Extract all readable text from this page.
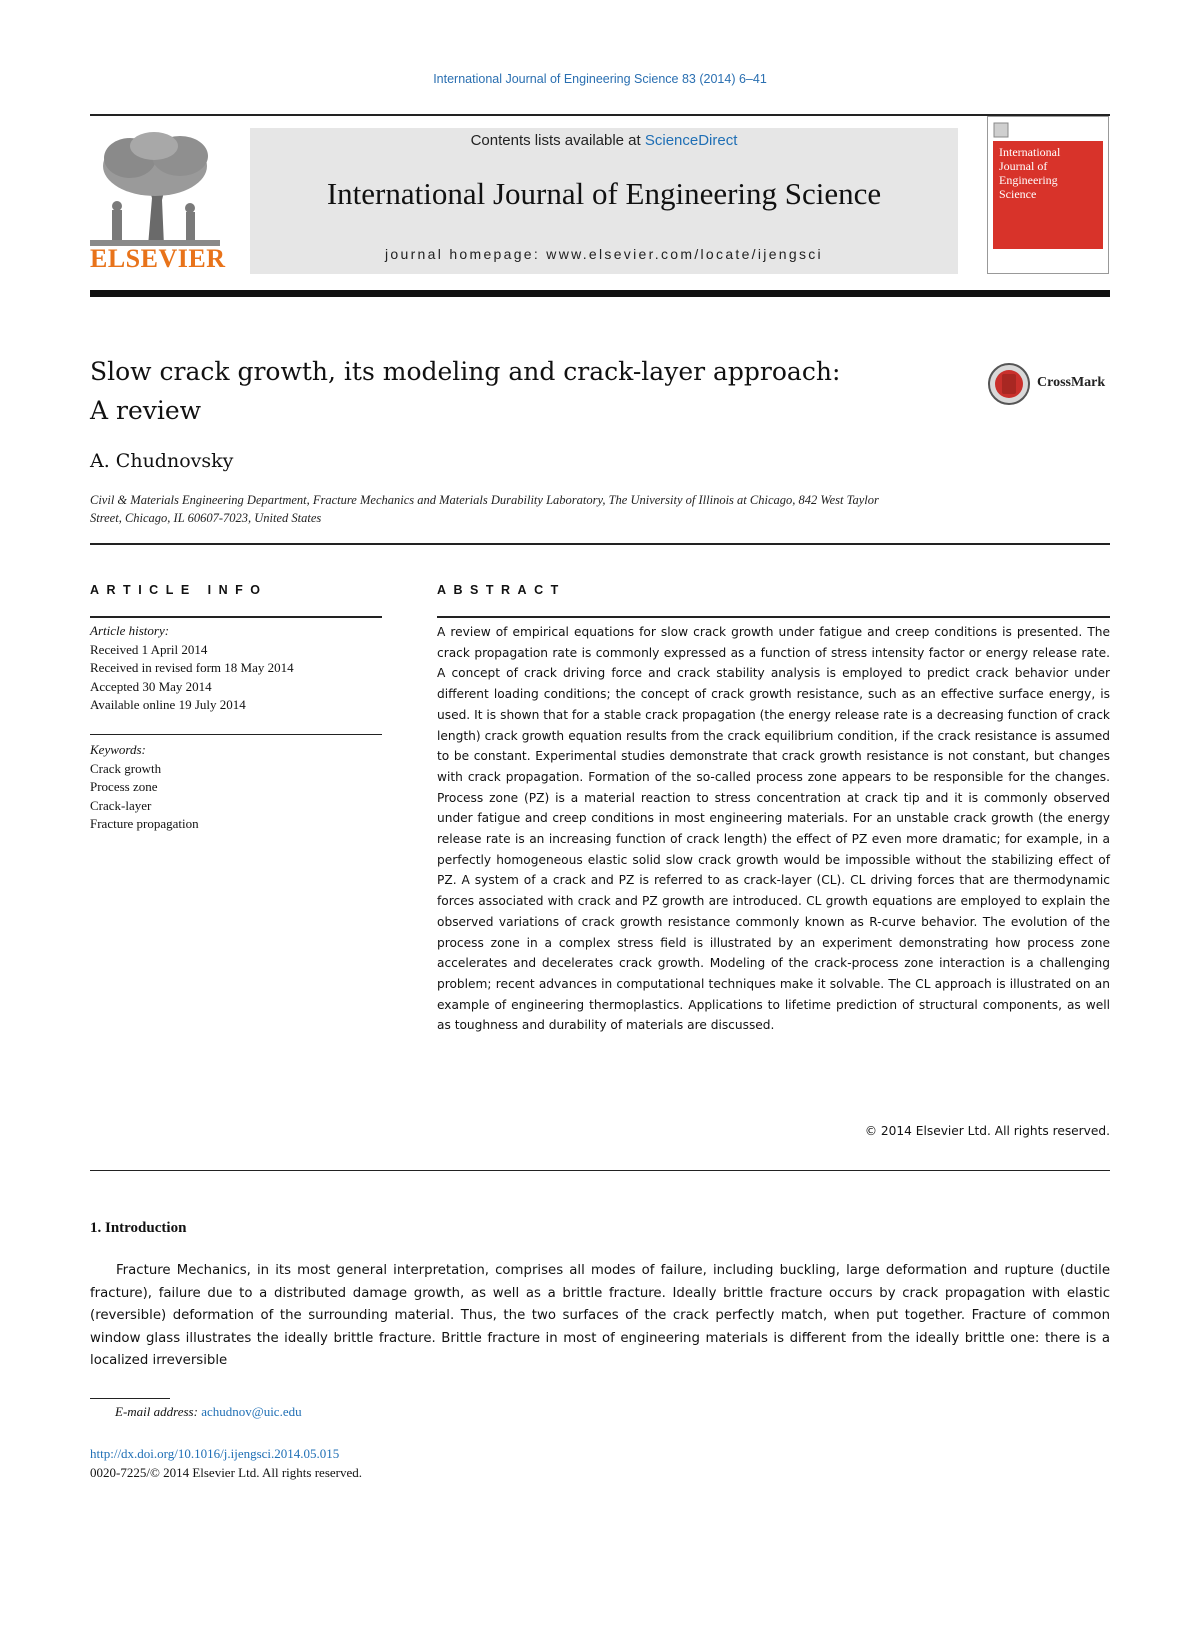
International Journal of Engineering Science 83 (2014) 6–41
ELSEVIER
Contents lists available at ScienceDirect
International Journal of Engineering Science
journal homepage: www.elsevier.com/locate/ijengsci
International
Journal of
Engineering
Science
Slow crack growth, its modeling and crack-layer approach:
A review
CrossMark
A. Chudnovsky
Civil & Materials Engineering Department, Fracture Mechanics and Materials Durability Laboratory, The University of Illinois at Chicago, 842 West Taylor
Street, Chicago, IL 60607-7023, United States
ARTICLE INFO	ABSTRACT
Article history:
Received 1 April 2014
Received in revised form 18 May 2014
Accepted 30 May 2014
Available online 19 July 2014
Keywords:
Crack growth
Process zone
Crack-layer
Fracture propagation
A review of empirical equations for slow crack growth under fatigue and creep conditions is presented. The crack propagation rate is commonly expressed as a function of stress intensity factor or energy release rate. A concept of crack driving force and crack stability analysis is employed to predict crack behavior under different loading conditions; the concept of crack growth resistance, such as an effective surface energy, is used. It is shown that for a stable crack propagation (the energy release rate is a decreasing function of crack length) crack growth equation results from the crack equilibrium condition, if the crack resistance is assumed to be constant. Experimental studies demonstrate that crack growth resistance is not constant, but changes with crack propagation. Formation of the so-called process zone appears to be responsible for the changes. Process zone (PZ) is a material reaction to stress concentration at crack tip and it is commonly observed under fatigue and creep conditions in most engineering materials. For an unstable crack growth (the energy release rate is an increasing function of crack length) the effect of PZ even more dramatic; for example, in a perfectly homogeneous elastic solid slow crack growth would be impossible without the stabilizing effect of PZ. A system of a crack and PZ is referred to as crack-layer (CL). CL driving forces that are thermodynamic forces associated with crack and PZ growth are introduced. CL growth equations are employed to explain the observed variations of crack growth resistance commonly known as R-curve behavior. The evolution of the process zone in a complex stress field is illustrated by an experiment demonstrating how process zone accelerates and decelerates crack growth. Modeling of the crack-process zone interaction is a challenging problem; recent advances in computational techniques make it solvable. The CL approach is illustrated on an example of engineering thermoplastics. Applications to lifetime prediction of structural components, as well as toughness and durability of materials are discussed.
© 2014 Elsevier Ltd. All rights reserved.
1. Introduction
Fracture Mechanics, in its most general interpretation, comprises all modes of failure, including buckling, large deformation and rupture (ductile fracture), failure due to a distributed damage growth, as well as a brittle fracture. Ideally brittle fracture occurs by crack propagation with elastic (reversible) deformation of the surrounding material. Thus, the two surfaces of the crack perfectly match, when put together. Fracture of common window glass illustrates the ideally brittle fracture. Brittle fracture in most of engineering materials is different from the ideally brittle one: there is a localized irreversible
E-mail address: achudnov@uic.edu
http://dx.doi.org/10.1016/j.ijengsci.2014.05.015
0020-7225/© 2014 Elsevier Ltd. All rights reserved.
